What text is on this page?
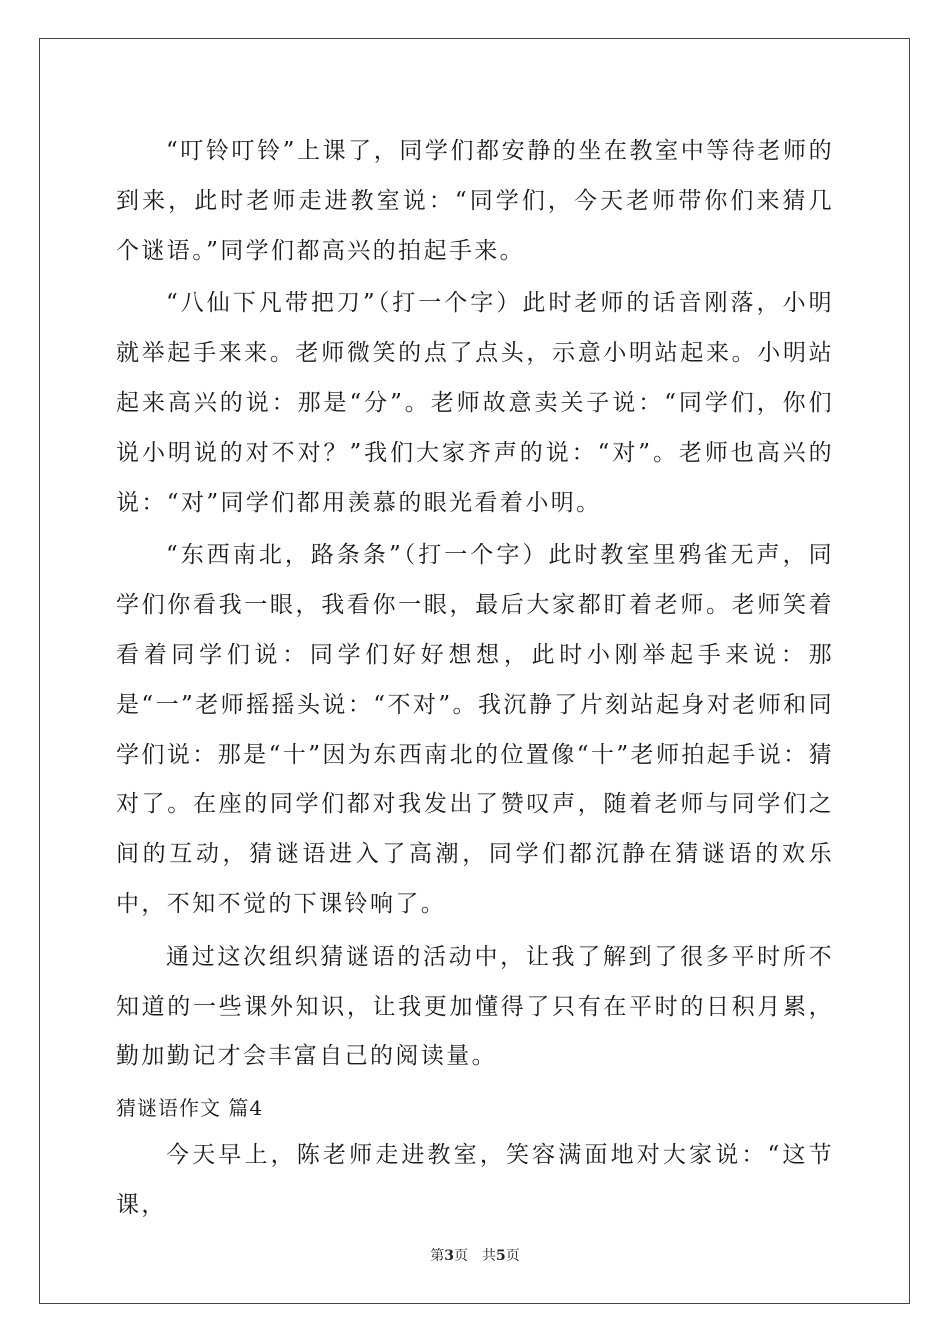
“叮铃叮铃”上课了，同学们都安静的坐在教室中等待老师的到来，此时老师走进教室说：“同学们，今天老师带你们来猜几个谜语。”同学们都高兴的拍起手来。

“八仙下凡带把刀”（打一个字）此时老师的话音刚落，小明就举起手来来。老师微笑的点了点头，示意小明站起来。小明站起来高兴的说：那是“分”。老师故意卖关子说：“同学们，你们说小明说的对不对？”我们大家齐声的说：“对”。老师也高兴的说：“对”同学们都用羡慕的眼光看着小明。

“东西南北，路条条”（打一个字）此时教室里鸦雀无声，同学们你看我一眼，我看你一眼，最后大家都盯着老师。老师笑着看着同学们说：同学们好好想想，此时小刚举起手来说：那是“一”老师摇摇头说：“不对”。我沉静了片刻站起身对老师和同学们说：那是“十”因为东西南北的位置像“十”老师拍起手说：猜对了。在座的同学们都对我发出了赞叹声，随着老师与同学们之间的互动，猜谜语进入了高潮，同学们都沉静在猜谜语的欢乐中，不知不觉的下课铃响了。

通过这次组织猜谜语的活动中，让我了解到了很多平时所不知道的一些课外知识，让我更加懂得了只有在平时的日积月累，勤加勤记才会丰富自己的阅读量。

猜谜语作文 篇4

今天早上，陈老师走进教室，笑容满面地对大家说：“这节课，

第3页　共5页
